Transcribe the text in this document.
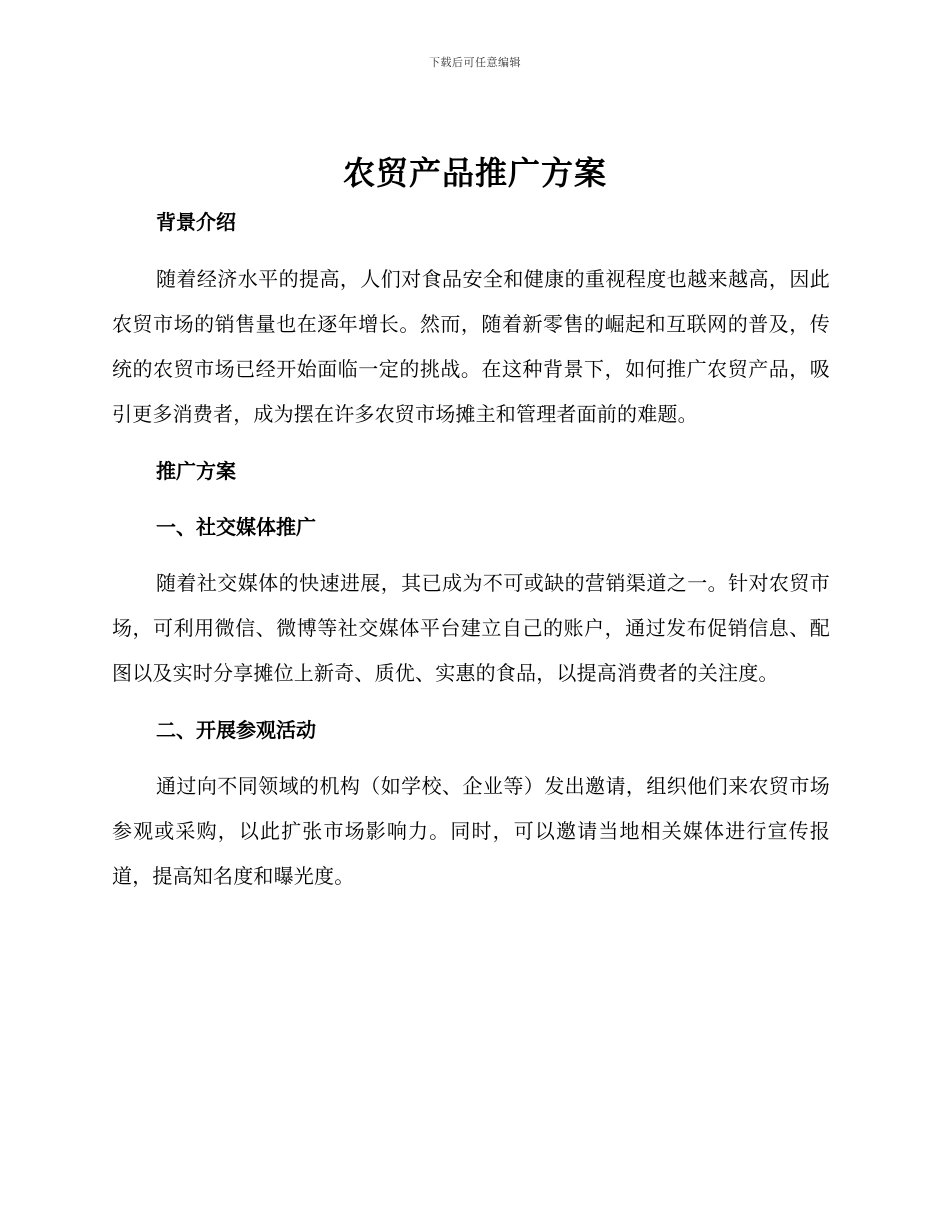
下载后可任意编辑
农贸产品推广方案
背景介绍

随着经济水平的提高，人们对食品安全和健康的重视程度也越来越高，因此农贸市场的销售量也在逐年增长。然而，随着新零售的崛起和互联网的普及，传统的农贸市场已经开始面临一定的挑战。在这种背景下，如何推广农贸产品，吸引更多消费者，成为摆在许多农贸市场摊主和管理者面前的难题。

推广方案
一、社交媒体推广

随着社交媒体的快速进展，其已成为不可或缺的营销渠道之一。针对农贸市场，可利用微信、微博等社交媒体平台建立自己的账户，通过发布促销信息、配图以及实时分享摊位上新奇、质优、实惠的食品，以提高消费者的关注度。

二、开展参观活动

通过向不同领域的机构（如学校、企业等）发出邀请，组织他们来农贸市场参观或采购，以此扩张市场影响力。同时，可以邀请当地相关媒体进行宣传报道，提高知名度和曝光度。
